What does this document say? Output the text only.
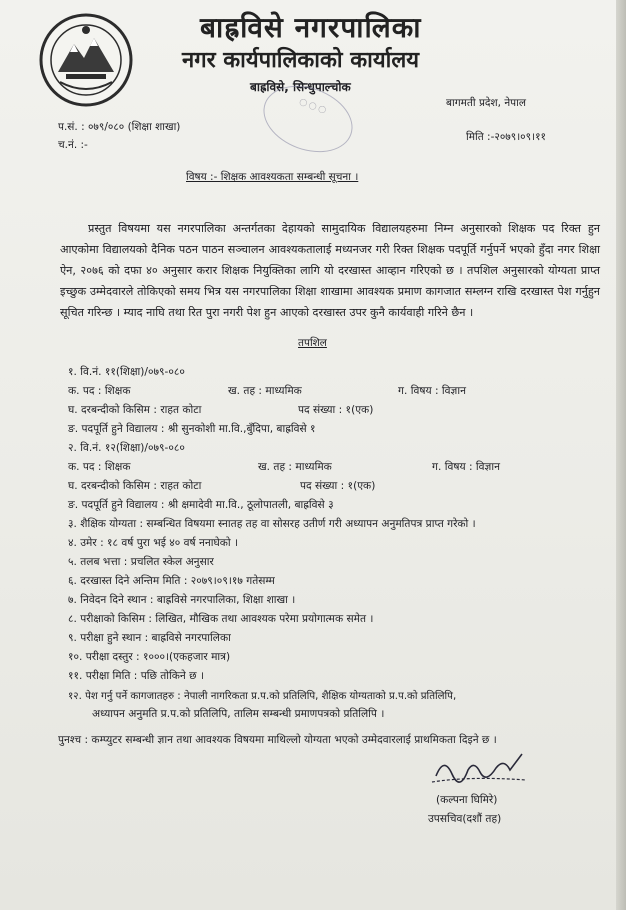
बाह्रविसे नगरपालिका
नगर कार्यपालिकाको कार्यालय
बाह्रविसे, सिन्धुपाल्चोक
बागमती प्रदेश, नेपाल
◯ ◯ ◯
प.सं. : ०७९/०८० (शिक्षा शाखा)
च.नं. :-
मिति :-२०७९।०९।११
विषय :- शिक्षक आवश्यकता सम्बन्धी सूचना ।
प्रस्तुत विषयमा यस नगरपालिका अन्तर्गतका देहायको सामुदायिक विद्यालयहरुमा निम्न अनुसारको शिक्षक पद रिक्त हुन आएकोमा विद्यालयको दैनिक पठन पाठन सञ्चालन आवश्यकतालाई मध्यनजर गरी रिक्त शिक्षक पदपूर्ति गर्नुपर्ने भएको हुँदा नगर शिक्षा ऐन, २०७६ को दफा ४० अनुसार करार शिक्षक नियुक्तिका लागि यो दरखास्त आव्हान गरिएको छ । तपशिल अनुसारको योग्यता प्राप्त इच्छुक उम्मेदवारले तोकिएको समय भित्र यस नगरपालिका शिक्षा शाखामा आवश्यक प्रमाण कागजात सम्लग्न राखि दरखास्त पेश गर्नुहुन सूचित गरिन्छ । म्याद नाघि तथा रित पुरा नगरी पेश हुन आएको दरखास्त उपर कुनै कार्यवाही गरिने छैन ।
तपशिल
१. वि.नं. ११(शिक्षा)/०७९-०८०
क. पद : शिक्षक	ख. तह : माध्यमिक	ग. विषय : विज्ञान
घ. दरबन्दीको किसिम : राहत कोटा	पद संख्या : १(एक)
ङ. पदपूर्ति हुने विद्यालय : श्री सुनकोशी मा.वि.,बुँदिपा, बाह्रविसे १
२. वि.नं. १२(शिक्षा)/०७९-०८०
क. पद : शिक्षक	ख. तह : माध्यमिक	ग. विषय : विज्ञान
घ. दरबन्दीको किसिम : राहत कोटा	पद संख्या : १(एक)
ङ. पदपूर्ति हुने विद्यालय : श्री क्षमादेवी मा.वि., ठूलोपातली, बाह्रविसे ३
३. शैक्षिक योग्यता : सम्बन्धित विषयमा स्नातह तह वा सोसरह उतीर्ण गरी अध्यापन अनुमतिपत्र प्राप्त गरेको ।
४. उमेर : १८ वर्ष पुरा भई ४० वर्ष ननाघेको ।
५. तलब भत्ता : प्रचलित स्केल अनुसार
६. दरखास्त दिने अन्तिम मिति : २०७९।०९।१७ गतेसम्म
७. निवेदन दिने स्थान : बाह्रविसे नगरपालिका, शिक्षा शाखा ।
८. परीक्षाको किसिम : लिखित, मौखिक तथा आवश्यक परेमा प्रयोगात्मक समेत ।
९. परीक्षा हुने स्थान : बाह्रविसे नगरपालिका
१०. परीक्षा दस्तुर : १०००।(एकहजार मात्र)
११. परीक्षा मिति : पछि तोकिने छ ।
१२. पेश गर्नु पर्ने कागजातहरु : नेपाली नागरिकता प्र.प.को प्रतिलिपि, शैक्षिक योग्यताको प्र.प.को प्रतिलिपि,
अध्यापन अनुमति प्र.प.को प्रतिलिपि, तालिम सम्बन्धी प्रमाणपत्रको प्रतिलिपि ।
पुनश्च : कम्प्युटर सम्बन्धी ज्ञान तथा आवश्यक विषयमा माथिल्लो योग्यता भएको उम्मेदवारलाई प्राथमिकता दिइने छ ।
(कल्पना घिमिरे)
उपसचिव(दशौं तह)
